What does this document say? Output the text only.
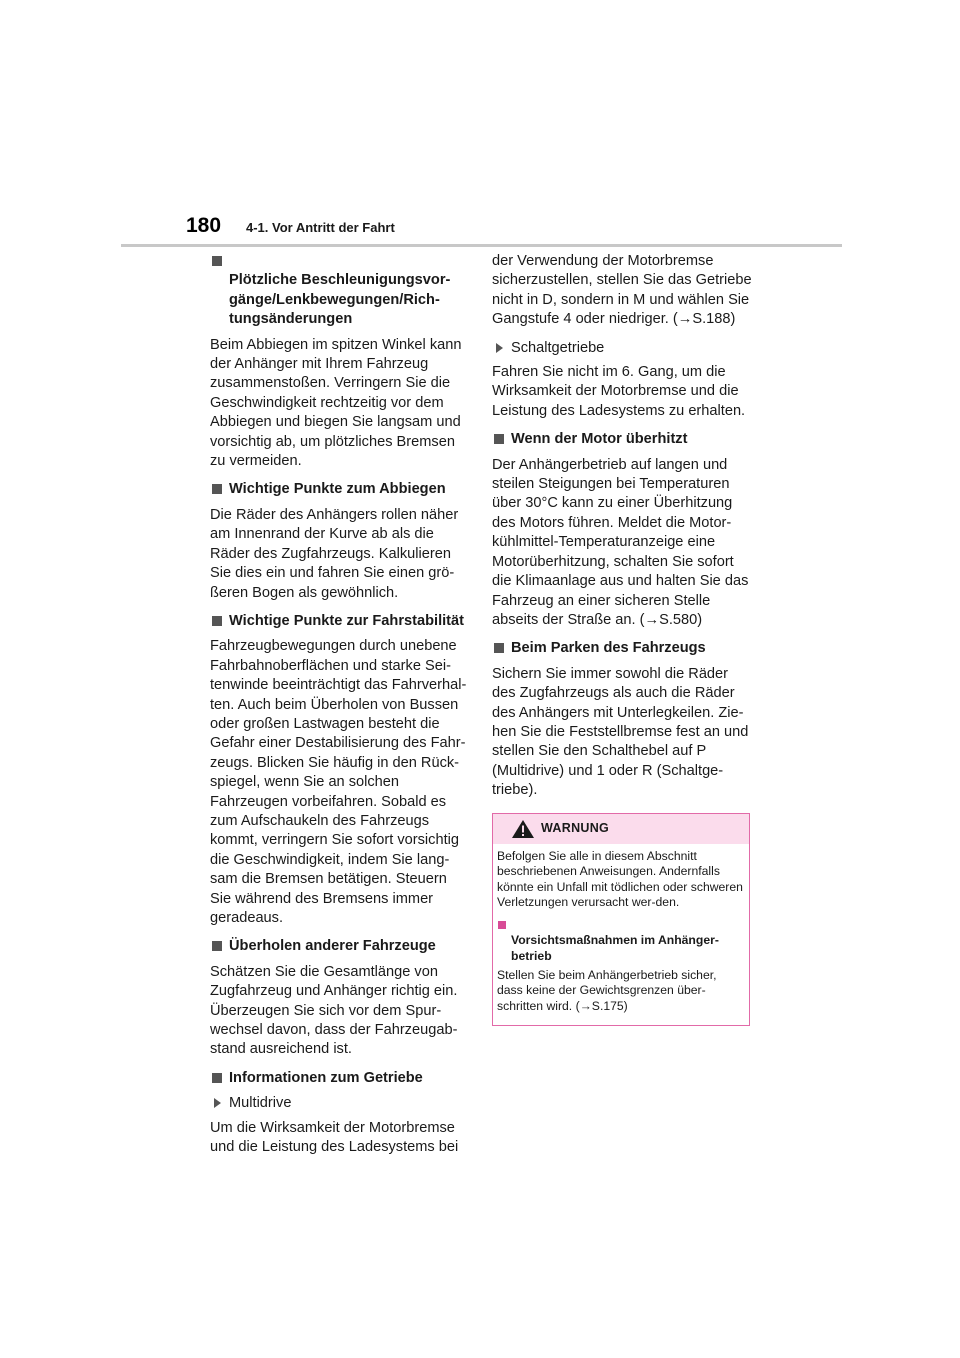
180 4-1. Vor Antritt der Fahrt

Plötzliche Beschleunigungsvor-
gänge/Lenkbewegungen/Rich-
tungsänderungen

Beim Abbiegen im spitzen Winkel kann der Anhänger mit Ihrem Fahrzeug zusammenstoßen. Verringern Sie die Geschwindigkeit rechtzeitig vor dem Abbiegen und biegen Sie langsam und vorsichtig ab, um plötzliches Bremsen zu vermeiden.

Wichtige Punkte zum Abbiegen

Die Räder des Anhängers rollen näher am Innenrand der Kurve ab als die Räder des Zugfahrzeugs. Kalkulieren Sie dies ein und fahren Sie einen grö-ßeren Bogen als gewöhnlich.

Wichtige Punkte zur Fahrstabilität

Fahrzeugbewegungen durch unebene Fahrbahnoberflächen und starke Sei-tenwinde beeinträchtigt das Fahrverhal-ten. Auch beim Überholen von Bussen oder großen Lastwagen besteht die Gefahr einer Destabilisierung des Fahr-zeugs. Blicken Sie häufig in den Rück-spiegel, wenn Sie an solchen Fahrzeugen vorbeifahren. Sobald es zum Aufschaukeln des Fahrzeugs kommt, verringern Sie sofort vorsichtig die Geschwindigkeit, indem Sie lang-sam die Bremsen betätigen. Steuern Sie während des Bremsens immer geradeaus.

Überholen anderer Fahrzeuge

Schätzen Sie die Gesamtlänge von Zugfahrzeug und Anhänger richtig ein. Überzeugen Sie sich vor dem Spur-wechsel davon, dass der Fahrzeugab-stand ausreichend ist.

Informationen zum Getriebe
Multidrive

Um die Wirksamkeit der Motorbremse und die Leistung des Ladesystems bei

der Verwendung der Motorbremse sicherzustellen, stellen Sie das Getriebe nicht in D, sondern in M und wählen Sie Gangstufe 4 oder niedriger. (→S.188)

Schaltgetriebe

Fahren Sie nicht im 6. Gang, um die Wirksamkeit der Motorbremse und die Leistung des Ladesystems zu erhalten.

Wenn der Motor überhitzt

Der Anhängerbetrieb auf langen und steilen Steigungen bei Temperaturen über 30°C kann zu einer Überhitzung des Motors führen. Meldet die Motor-kühlmittel-Temperaturanzeige eine Motorüberhitzung, schalten Sie sofort die Klimaanlage aus und halten Sie das Fahrzeug an einer sicheren Stelle abseits der Straße an. (→S.580)

Beim Parken des Fahrzeugs

Sichern Sie immer sowohl die Räder des Zugfahrzeugs als auch die Räder des Anhängers mit Unterlegkeilen. Zie-hen Sie die Feststellbremse fest an und stellen Sie den Schalthebel auf P (Multidrive) und 1 oder R (Schaltge-triebe).

WARNUNG

Befolgen Sie alle in diesem Abschnitt beschriebenen Anweisungen. Andernfalls könnte ein Unfall mit tödlichen oder schweren Verletzungen verursacht wer-den.

Vorsichtsmaßnahmen im Anhänger-
betrieb

Stellen Sie beim Anhängerbetrieb sicher, dass keine der Gewichtsgrenzen über-schritten wird. (→S.175)
